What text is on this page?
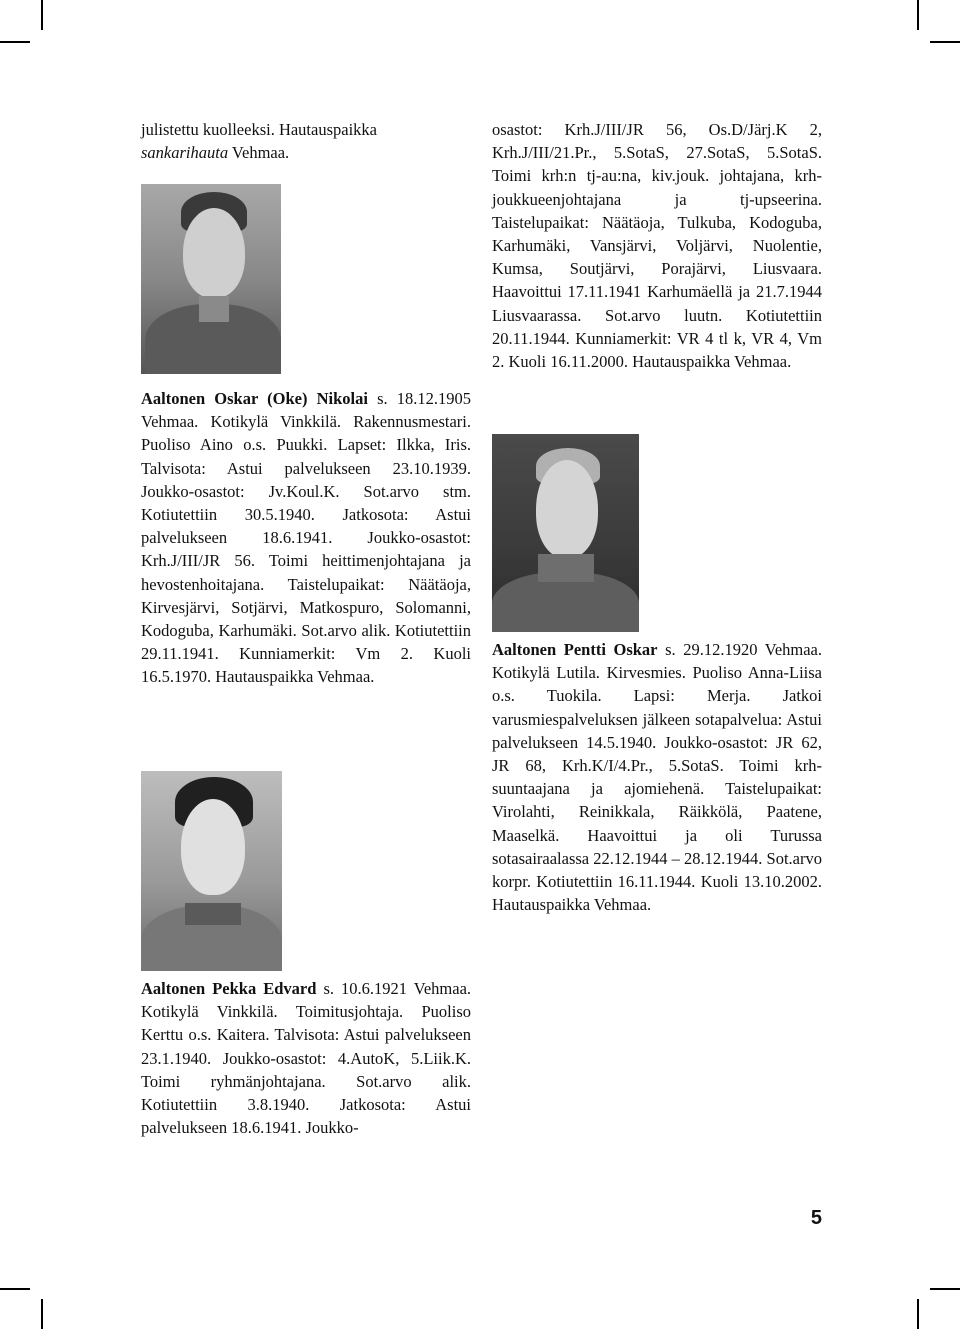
julistettu kuolleeksi. Hautauspaikka
sankarihauta Vehmaa.

Aaltonen Oskar (Oke) Nikolai s. 18.12.1905 Vehmaa. Kotikylä Vinkkilä. Rakennusmestari. Puoliso Aino o.s. Puukki. Lapset: Ilkka, Iris. Talvisota: Astui palvelukseen 23.10.1939. Joukko-osastot: Jv.Koul.K. Sot.arvo stm. Kotiutettiin 30.5.1940. Jatkosota: Astui palvelukseen 18.6.1941. Joukko-osastot: Krh.J/III/JR 56. Toimi heittimenjohtajana ja hevostenhoitajana. Taistelupaikat: Näätäoja, Kirvesjärvi, Sotjärvi, Matkospuro, Solomanni, Kodoguba, Karhumäki. Sot.arvo alik. Kotiutettiin 29.11.1941. Kunniamerkit: Vm 2. Kuoli 16.5.1970. Hautauspaikka Vehmaa.

Aaltonen Pekka Edvard s. 10.6.1921 Vehmaa. Kotikylä Vinkkilä. Toimitusjohtaja. Puoliso Kerttu o.s. Kaitera. Talvisota: Astui palvelukseen 23.1.1940. Joukko-osastot: 4.AutoK, 5.Liik.K. Toimi ryhmänjohtajana. Sot.arvo alik. Kotiutettiin 3.8.1940. Jatkosota: Astui palvelukseen 18.6.1941. Joukko-

osastot: Krh.J/III/JR 56, Os.D/Järj.K 2, Krh.J/III/21.Pr., 5.SotaS, 27.SotaS, 5.SotaS. Toimi krh:n tj-au:na, kiv.jouk. johtajana, krh-joukkueenjohtajana ja tj-upseerina. Taistelupaikat: Näätäoja, Tulkuba, Kodoguba, Karhumäki, Vansjärvi, Voljärvi, Nuolentie, Kumsa, Soutjärvi, Porajärvi, Liusvaara. Haavoittui 17.11.1941 Karhumäellä ja 21.7.1944 Liusvaarassa. Sot.arvo luutn. Kotiutettiin 20.11.1944. Kunniamerkit: VR 4 tl k, VR 4, Vm 2. Kuoli 16.11.2000. Hautauspaikka Vehmaa.

Aaltonen Pentti Oskar s. 29.12.1920 Vehmaa. Kotikylä Lutila. Kirvesmies. Puoliso Anna-Liisa o.s. Tuokila. Lapsi: Merja. Jatkoi varusmiespalveluksen jälkeen sotapalvelua: Astui palvelukseen 14.5.1940. Joukko-osastot: JR 62, JR 68, Krh.K/I/4.Pr., 5.SotaS. Toimi krh-suuntaajana ja ajomiehenä. Taistelupaikat: Virolahti, Reinikkala, Räikkölä, Paatene, Maaselkä. Haavoittui ja oli Turussa sotasairaalassa 22.12.1944 – 28.12.1944. Sot.arvo korpr. Kotiutettiin 16.11.1944. Kuoli 13.10.2002. Hautauspaikka Vehmaa.

5
